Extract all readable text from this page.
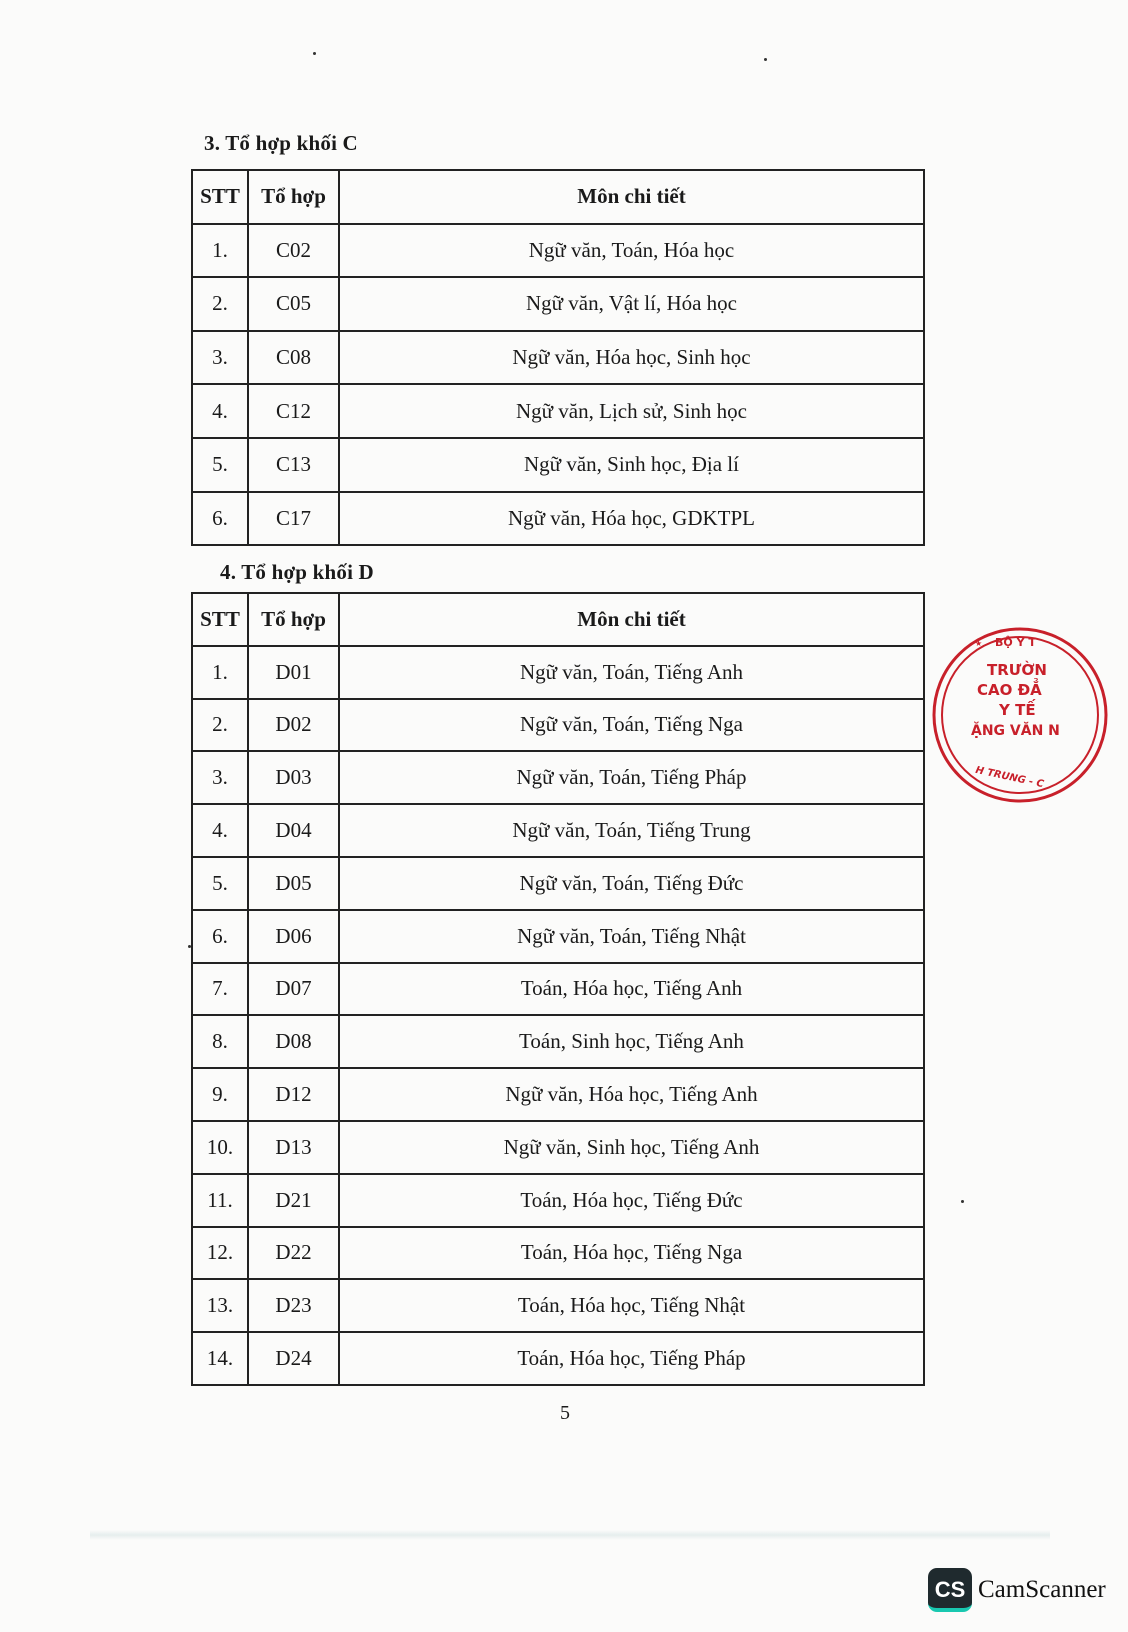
3. Tổ hợp khối C
STT	Tổ hợp	Môn chi tiết
1.	C02	Ngữ văn, Toán, Hóa học
2.	C05	Ngữ văn, Vật lí, Hóa học
3.	C08	Ngữ văn, Hóa học, Sinh học
4.	C12	Ngữ văn, Lịch sử, Sinh học
5.	C13	Ngữ văn, Sinh học, Địa lí
6.	C17	Ngữ văn, Hóa học, GDKTPL
4. Tổ hợp khối D
STT	Tổ hợp	Môn chi tiết
1.	D01	Ngữ văn, Toán, Tiếng Anh
2.	D02	Ngữ văn, Toán, Tiếng Nga
3.	D03	Ngữ văn, Toán, Tiếng Pháp
4.	D04	Ngữ văn, Toán, Tiếng Trung
5.	D05	Ngữ văn, Toán, Tiếng Đức
6.	D06	Ngữ văn, Toán, Tiếng Nhật
7.	D07	Toán, Hóa học, Tiếng Anh
8.	D08	Toán, Sinh học, Tiếng Anh
9.	D12	Ngữ văn, Hóa học, Tiếng Anh
10.	D13	Ngữ văn, Sinh học, Tiếng Anh
11.	D21	Toán, Hóa học, Tiếng Đức
12.	D22	Toán, Hóa học, Tiếng Nga
13.	D23	Toán, Hóa học, Tiếng Nhật
14.	D24	Toán, Hóa học, Tiếng Pháp
5
★ BỘ Y T
TRƯỜN
CAO ĐẲ
Y TẾ
ẶNG VĂN N
H TRUNG - C
CS CamScanner
